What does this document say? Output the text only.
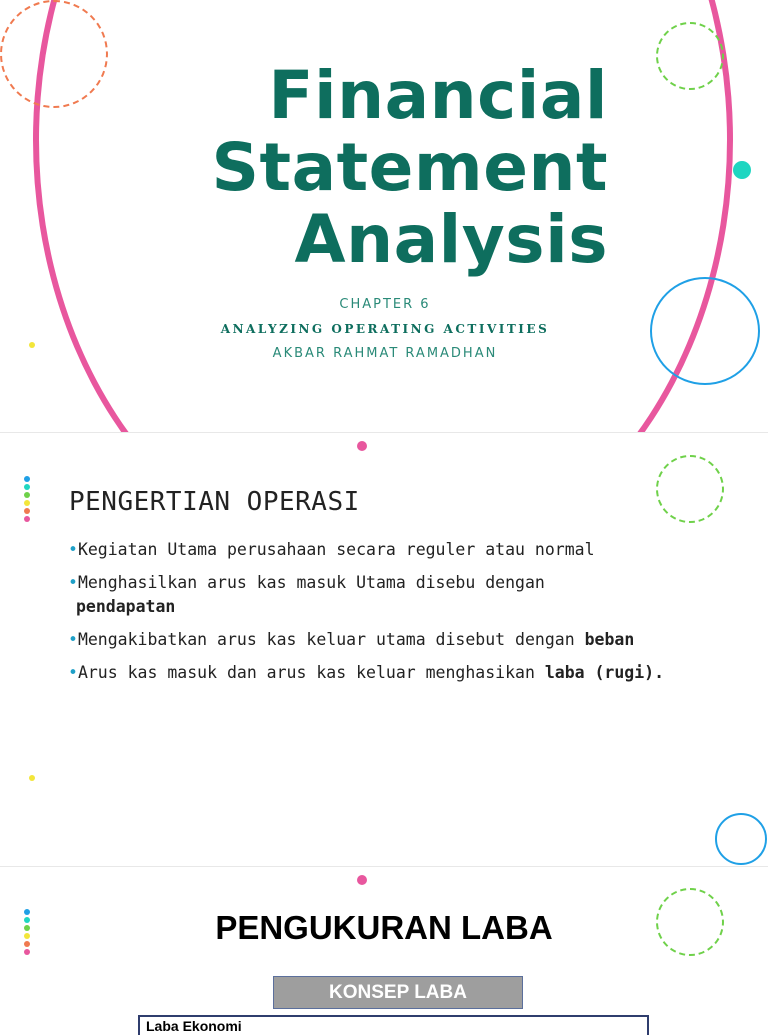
Financial
Statement
Analysis

CHAPTER 6

ANALYZING OPERATING ACTIVITIES

AKBAR RAHMAT RAMADHAN

PENGERTIAN OPERASI
•Kegiatan Utama perusahaan secara reguler atau normal
•Menghasilkan arus kas masuk Utama disebu dengan
pendapatan
•Mengakibatkan arus kas keluar utama disebut dengan beban
•Arus kas masuk dan arus kas keluar menghasikan laba (rugi).
PENGUKURAN LABA
KONSEP LABA
Laba Ekonomi
